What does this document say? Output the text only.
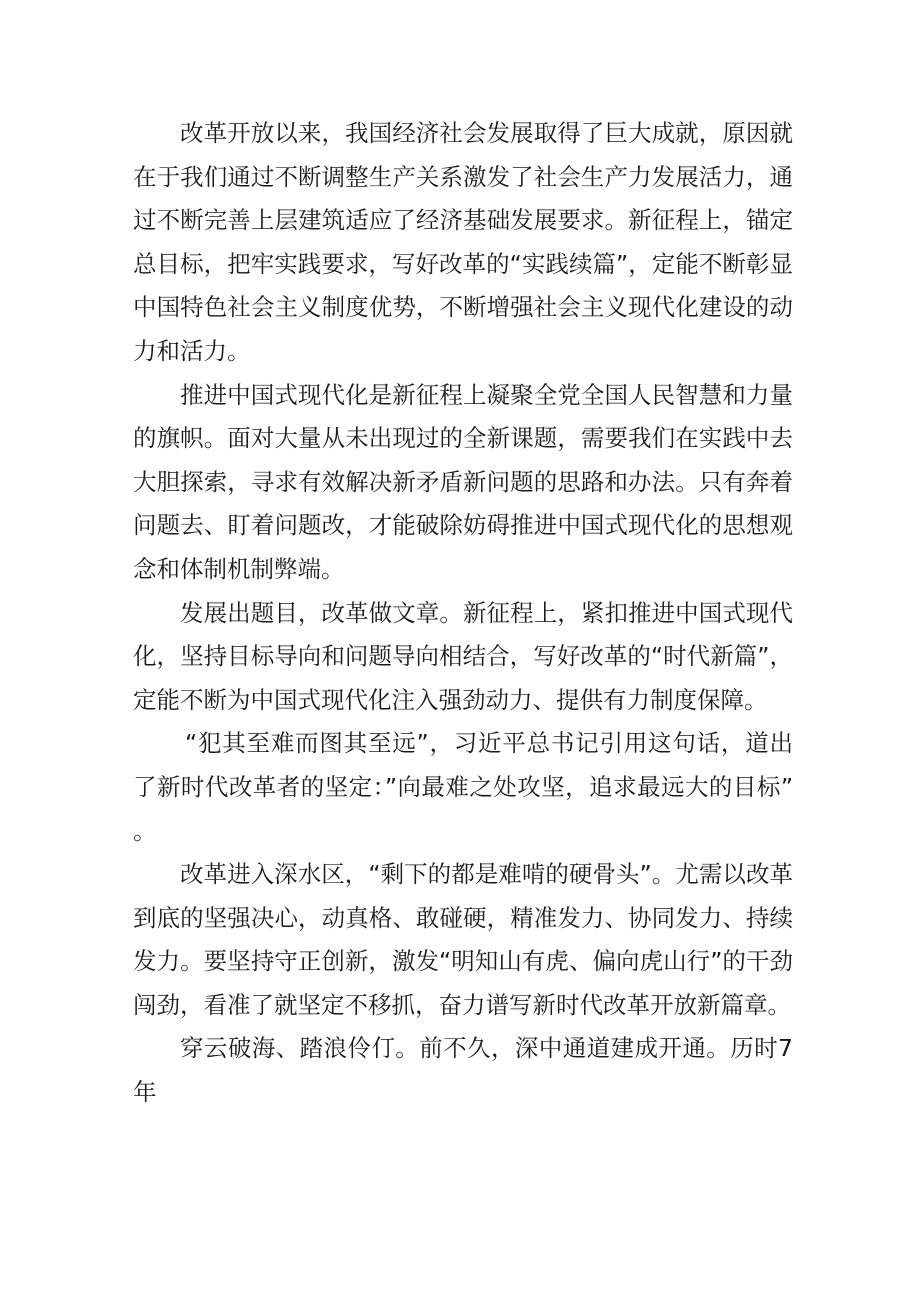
改革开放以来，我国经济社会发展取得了巨大成就，原因就在于我们通过不断调整生产关系激发了社会生产力发展活力，通过不断完善上层建筑适应了经济基础发展要求。新征程上，锚定总目标，把牢实践要求，写好改革的“实践续篇”，定能不断彰显中国特色社会主义制度优势，不断增强社会主义现代化建设的动力和活力。

推进中国式现代化是新征程上凝聚全党全国人民智慧和力量的旗帜。面对大量从未出现过的全新课题，需要我们在实践中去大胆探索，寻求有效解决新矛盾新问题的思路和办法。只有奔着问题去、盯着问题改，才能破除妨碍推进中国式现代化的思想观念和体制机制弊端。

发展出题目，改革做文章。新征程上，紧扣推进中国式现代化，坚持目标导向和问题导向相结合，写好改革的“时代新篇”，定能不断为中国式现代化注入强劲动力、提供有力制度保障。

“犯其至难而图其至远”，习近平总书记引用这句话，道出了新时代改革者的坚定：”向最难之处攻坚，追求最远大的目标”。

改革进入深水区，“剩下的都是难啃的硬骨头”。尤需以改革到底的坚强决心，动真格、敢碰硬，精准发力、协同发力、持续发力。要坚持守正创新，激发“明知山有虎、偏向虎山行”的干劲闯劲，看准了就坚定不移抓，奋力谱写新时代改革开放新篇章。

穿云破海、踏浪伶仃。前不久，深中通道建成开通。历时7年
